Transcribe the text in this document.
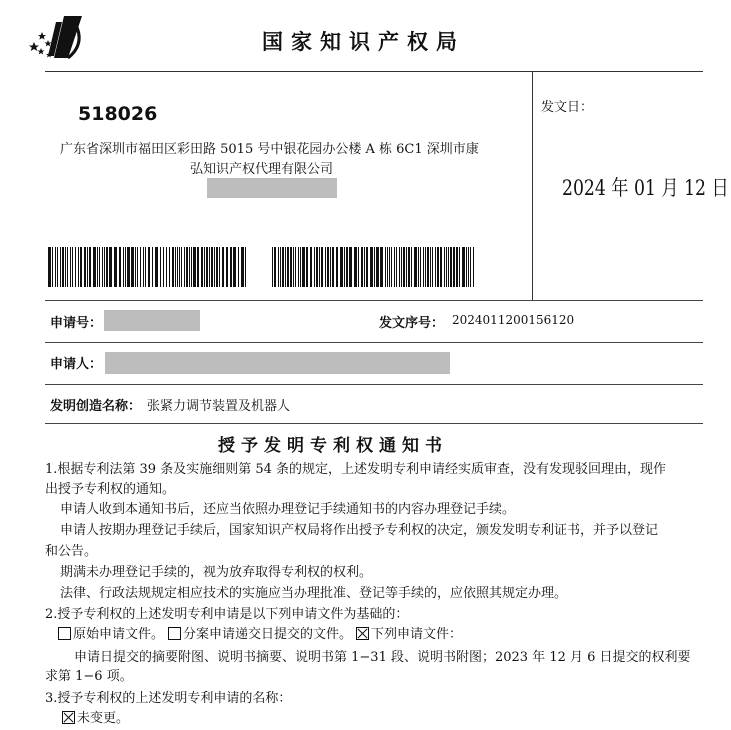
国家知识产权局
518026
广东省深圳市福田区彩田路 5015 号中银花园办公楼 A 栋 6C1 深圳市康
弘知识产权代理有限公司
发文日：
2024 年 01 月 12 日
申请号：	发文序号： 2024011200156120
申请人：
发明创造名称： 张紧力调节装置及机器人
授予发明专利权通知书
1.根据专利法第 39 条及实施细则第 54 条的规定，上述发明专利申请经实质审查，没有发现驳回理由，现作
出授予专利权的通知。
申请人收到本通知书后，还应当依照办理登记手续通知书的内容办理登记手续。
申请人按期办理登记手续后，国家知识产权局将作出授予专利权的决定，颁发发明专利证书，并予以登记
和公告。
期满未办理登记手续的，视为放弃取得专利权的权利。
法律、行政法规规定相应技术的实施应当办理批准、登记等手续的，应依照其规定办理。
2.授予专利权的上述发明专利申请是以下列申请文件为基础的：
原始申请文件。 分案申请递交日提交的文件。 下列申请文件：
申请日提交的摘要附图、说明书摘要、说明书第 1−31 段、说明书附图；2023 年 12 月 6 日提交的权利要
求第 1−6 项。
3.授予专利权的上述发明专利申请的名称：
未变更。
